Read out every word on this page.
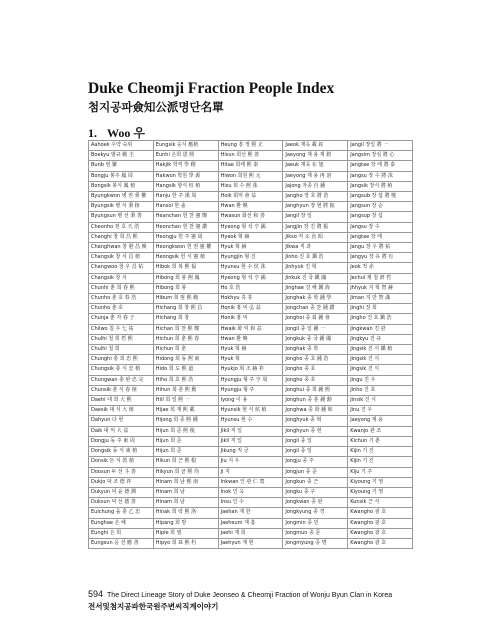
Duke Cheomji Fraction People Index
첨지공파僉知公派명단名單
1. Woo 우
Aahoek 우약 숙위	Eungsik 응식 應植	Heung 흥 정 熙 正	Jaeok 재옥 載 鈺	Jangil 장일 將 一
Boekyu 범규 範 圭	Eunhi 은희 恩 熙	Hisun 희선 熙 善	Jaeyong 재 용 재 鎔	Jangsim 장심 將 心
Bunb 번 繁	Hakjik 학직 學 稷	Hitae 희태 熙 泰	Jaeuk 재욱 在 旭	Jangtae 장 태 將 泰
Bongju 봉주 鳳 周	Hakwon 학원 學 源	Hiwon 희원 熙 元	Jaeyong 재 용 再 溶	Jangsu 장 수 將 洙
Bongsik 봉식 鳳 植	Hangsik 항식 恒 植	Hisu 희 수 熙 洙	Jajong 자종 自 鍾	Jangsik 장식 將 植
Byungkwon 병 권 秉 權	Hanju 한 주 漢 周	Hoik 회익 會 益	Jangho 장 호 將 浩	Jangsub 장 섭 將 燮
Byungsik 병 식 秉 植	Hansol 한 솔	Hwan 환 煥	Janghyun 장 현 將 鉉	Jangsun 장 순
Byungsun 병 선 秉 善	Heanchan 헌 찬 憲 燦	Hwasun 화선 和 善	Jangil 장 일	Jangsup 장 섭
Cheonho 천 호 天 浩	Heonchan 헌 찬 憲 讚	Hyeong 형 석 亨 錫	Jangjin 장 진 將 振	Jangsu 장 수
Changhi 창 희 昌 熙	Heongju 헌 주 憲 周	Hyeok 혁 赫	Jikso 직 소 直 昭	Jangtae 장 태
Changhwan 창 환 昌 煥	Heongkwon 헌 권 憲 權	Hyuk 혁 赫	Jikwa 직 과	Jangu 장 우 將 祐
Changsik 창 식 昌 植	Heongsik 헌 식 憲 植	Hyungjin 형 진	Jinho 진 호 鎭 浩	Jangyu 장 유 將 有
Changwoo 창 우 昌 祐	Hibok 희 복 熙 福	Hyunsu 현 수 炫 洙	Jinhyuk 진 혁	Jeok 적 赤
Changsik 창 식	Hibong 희 봉 熙 鳳	Hyeong 형 석 亨 錫	Jinkuk 진 국 鎭 國	Jechul 제 철 濟 哲
Chunhi 춘 희 春 熙	Hibong 희 봉	Ho 호 浩	Jinghae 진 해 鎭 海	Jhhyuk 지 혁 智 赫
Chunho 춘 호 春 浩	Hibum 희 범 熙 範	Hokhyu 혹 휴	Jonghak 종 학 鍾 學	Jiman 지 만 智 滿
Chunho 춘 호	Hichang 희 창 熙 昌	Honik 홍 익 弘 益	Jongchan 종 찬 鍾 讚	Jinghi 징 희
Chunja 춘 자 春 子	Hichang 희 창	Honik 홍 익	Jonghoi 종 회 鍾 會	Jingho 진 호 鎭 浩
Chilwo 칠 우 七 祐	Hichan 희 찬 熙 燦	Hwaik 화 익 和 益	Jongil 종 일 鍾 一	Jingkwan 진 관
Chulhi 철 희 哲 熙	Hichun 희 춘 熙 春	Hwan 환 煥	Jongkuk 종 국 鍾 國	Jingkyu 진 규
Chulhi 철 희	Hichun 희 춘	Hyuk 혁 赫	Jonghak 종 학	Jingsik 진 식 鎭 植
Chunghi 충 희 忠 熙	Hidong 희 동 熙 東	Hyuk 혁	Jongho 종 호 鍾 浩	Jingsik 진 식
Chungsik 충 식 忠 植	Hido 희 도 熙 道	Hyukjo 혁 조 赫 祚	Jongho 종 호	Jingsik 진 식
Chungwan 충 완 忠 完	Hiho 희 호 熙 浩	Hyungju 형 주 亨 周	Jongho 종 호	Jingu 진 우
Chunsik 춘 식 春 植	Hihun 희 훈 熙 勳	Hyungju 형 주	Jonghui 종 희 鍾 熙	Jinho 진 호
Daehi 대 희 大 熙	Hiil 희 일 熙 一	Iyong 이 용	Jonghun 종 훈 鍾 勳	Jinsik 진 식
Daesik 대 식 大 植	Hijae 희 재 熙 載	Hyunsik 현 식 炫 植	Jonghwa 종 화 鍾 和	Jinu 진 우
Dahyun 다 현	Hijong 희 종 熙 鍾	Hyunsu 현 수	Jonghyuk 종 혁	Jaeyong 재 용
Daik 대 익 大 益	Hijun 희 준 熙 俊	Jikil 직 일	Jonghyun 종 현	Kwanjo 관 조
Dongju 동 주 東 周	Hijun 희 준	Jikil 직 일	Jongil 종 일	Kichun 기 춘
Dongsik 동 식 東 植	Hijun 희 준	Jikung 직 궁	Jongil 종 일	Kijin 기 진
Donsik 돈 식 敦 植	Hikun 희 근 熙 根	Jiu 지 우	Jongju 종 주	Kijin 기 진
Doosun 두 선 斗 善	Hikyun 희 균 熙 均	Ji 지	Jongjun 종 준	Kiju 기 주
Dukjo 덕 조 德 祚	Hinam 희 남 熙 南	Inkwan 인 관 仁 寬	Jongkun 종 근	Kiyoung 기 영
Dukyun 덕 윤 德 潤	Hinam 희 남	Inok 인 옥	Jongku 종 구	Kiyoung 기 영
Duksun 덕 선 德 善	Hinam 희 남	Insu 인 수	Jongkwan 종 관	Kunsik 근 식
Eulchung 을 충 乙 忠	Hinak 희 락 熙 洛	Jaehan 재 한	Jongkyung 종 경	Kwangho 광 호
Eunghae 은 해	Hipang 희 방	Jaeheum 재 흠	Jongmin 종 민	Kwangho 광 호
Eunghi 은 희	Hiple 희 필	Jaehi 재 희	Jongmun 종 문	Kwangho 광 호
Eungsun 응 선 應 善	Hipyo 희 표 熙 杓	Jaehyun 재 현	Jongmyung 종 명	Kwangho 광 호
594 The Direct Lineage Story of Duke Jeonseo & Cheomji Fraction of Wonju Byun Clan in Korea
전서및첨지공파한국원주변씨직계이야기
